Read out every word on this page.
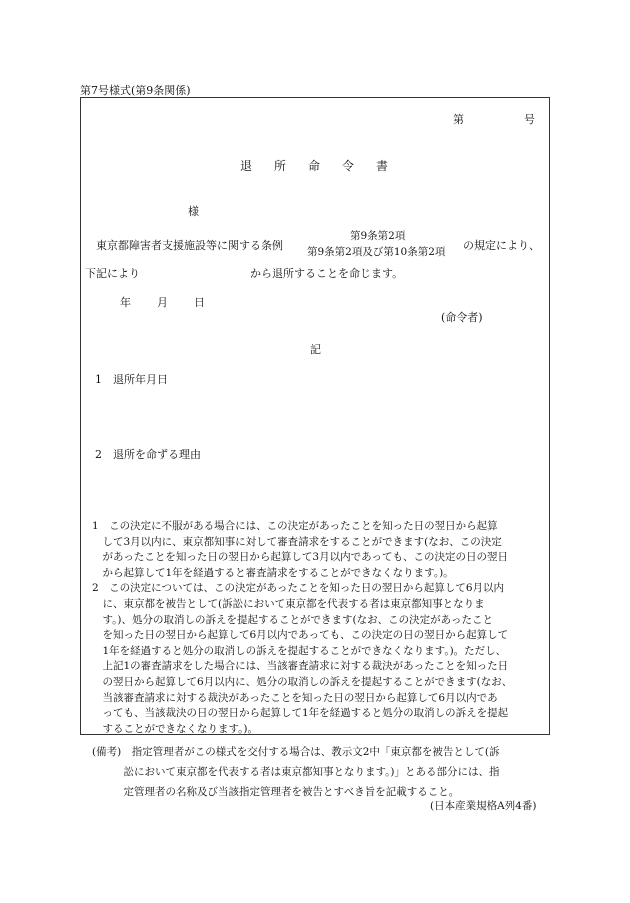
第7号様式(第9条関係)
第	号
退 所 命 令 書
様
東京都障害者支援施設等に関する条例
第9条第2項
第9条第2項及び第10条第2項 の規定により、
下記により	から退所することを命じます。
年 月 日
(命令者)
記
1　退所年月日
2　退所を命ずる理由
1　この決定に不服がある場合には、この決定があったことを知った日の翌日から起算
　して3月以内に、東京都知事に対して審査請求をすることができます(なお、この決定
　があったことを知った日の翌日から起算して3月以内であっても、この決定の日の翌日
　から起算して1年を経過すると審査請求をすることができなくなります。)。
2　この決定については、この決定があったことを知った日の翌日から起算して6月以内
　に、東京都を被告として(訴訟において東京都を代表する者は東京都知事となりま
　す。)、処分の取消しの訴えを提起することができます(なお、この決定があったこと
　を知った日の翌日から起算して6月以内であっても、この決定の日の翌日から起算して
　1年を経過すると処分の取消しの訴えを提起することができなくなります。)。ただし、
　上記1の審査請求をした場合には、当該審査請求に対する裁決があったことを知った日
　の翌日から起算して6月以内に、処分の取消しの訴えを提起することができます(なお、
　当該審査請求に対する裁決があったことを知った日の翌日から起算して6月以内であ
　っても、当該裁決の日の翌日から起算して1年を経過すると処分の取消しの訴えを提起
　することができなくなります。)。
(備考)　指定管理者がこの様式を交付する場合は、教示文2中「東京都を被告として(訴
　　　訟において東京都を代表する者は東京都知事となります。)」とある部分には、指
　　　定管理者の名称及び当該指定管理者を被告とすべき旨を記載すること。
(日本産業規格A列4番)
